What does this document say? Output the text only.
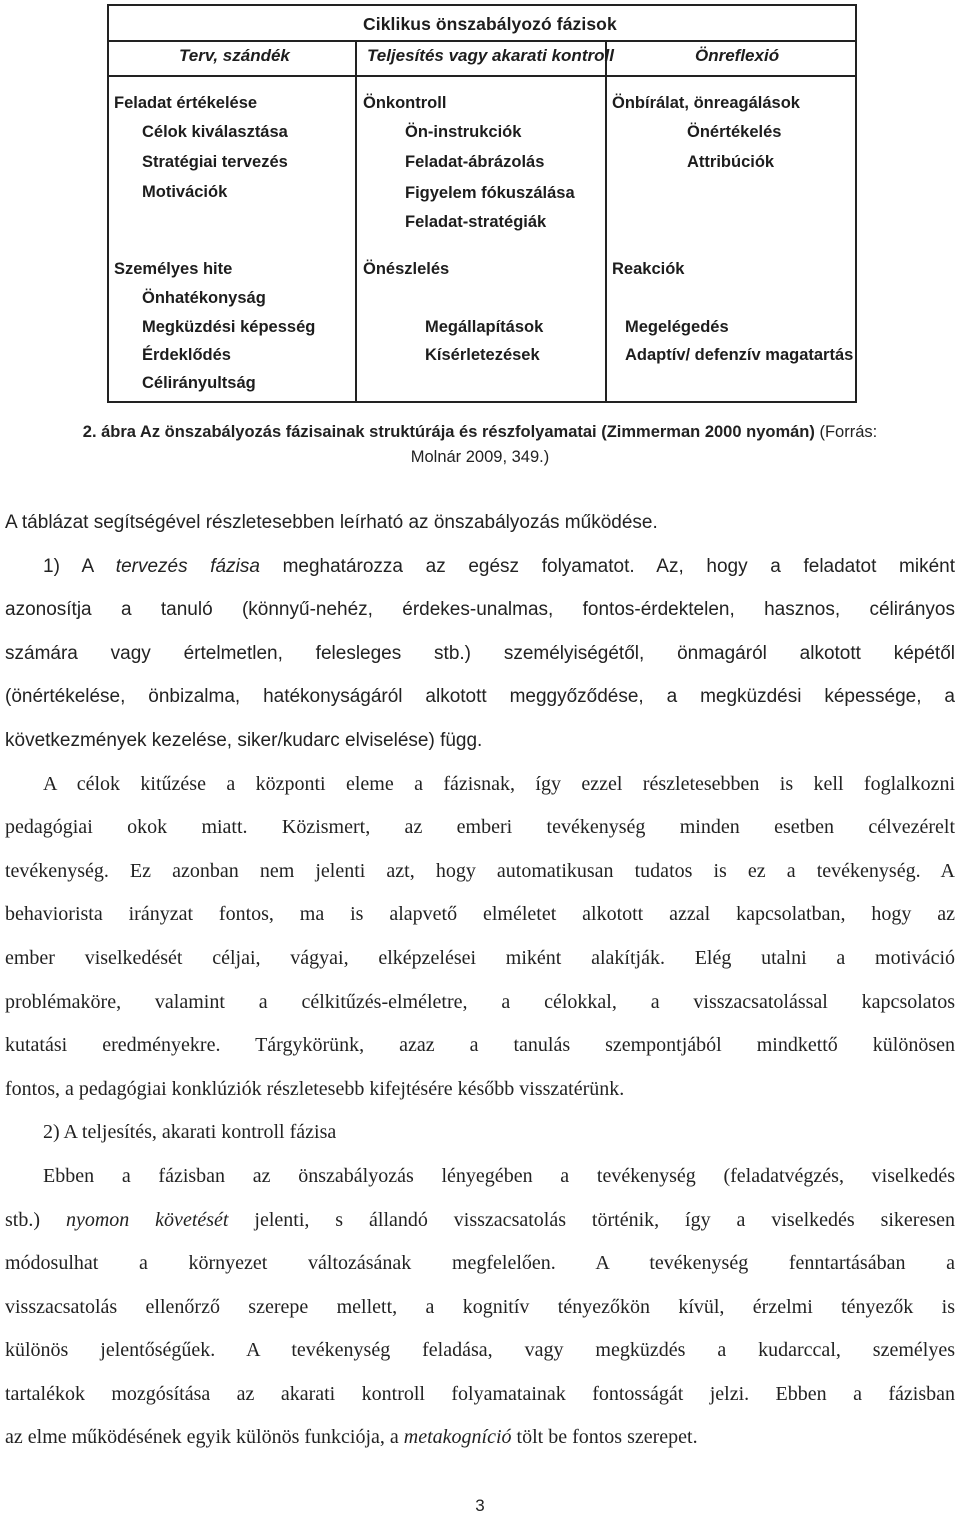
Ciklikus önszabályozó fázisok
Terv, szándék	Teljesítés vagy akarati kontroll	Önreflexió
Feladat értékelése
Célok kiválasztása
Stratégiai tervezés
Motivációk
Személyes hite
Önhatékonyság
Megküzdési képesség
Érdeklődés
Célirányultság
Önkontroll
Ön-instrukciók
Feladat-ábrázolás
Figyelem fókuszálása
Feladat-stratégiák
Önészlelés
Megállapítások
Kísérletezések
Önbírálat, önreagálások
Önértékelés
Attribúciók
Reakciók
Megelégedés
Adaptív/ defenzív magatartás
2. ábra Az önszabályozás fázisainak struktúrája és részfolyamatai (Zimmerman 2000 nyomán) (Forrás:
Molnár 2009, 349.)
A táblázat segítségével részletesebben leírható az önszabályozás működése.
1) A tervezés fázisa meghatározza az egész folyamatot. Az, hogy a feladatot miként
azonosítja a tanuló (könnyű-nehéz, érdekes-unalmas, fontos-érdektelen, hasznos, célirányos
számára vagy értelmetlen, felesleges stb.) személyiségétől, önmagáról alkotott képétől
(önértékelése, önbizalma, hatékonyságáról alkotott meggyőződése, a megküzdési képessége, a
következmények kezelése, siker/kudarc elviselése) függ.
A célok kitűzése a központi eleme a fázisnak, így ezzel részletesebben is kell foglalkozni
pedagógiai okok miatt. Közismert, az emberi tevékenység minden esetben célvezérelt
tevékenység. Ez azonban nem jelenti azt, hogy automatikusan tudatos is ez a tevékenység. A
behaviorista irányzat fontos, ma is alapvető elméletet alkotott azzal kapcsolatban, hogy az
ember viselkedését céljai, vágyai, elképzelései miként alakítják. Elég utalni a motiváció
problémaköre, valamint a célkitűzés-elméletre, a célokkal, a visszacsatolással kapcsolatos
kutatási eredményekre. Tárgykörünk, azaz a tanulás szempontjából mindkettő különösen
fontos, a pedagógiai konklúziók részletesebb kifejtésére később visszatérünk.
2) A teljesítés, akarati kontroll fázisa
Ebben a fázisban az önszabályozás lényegében a tevékenység (feladatvégzés, viselkedés
stb.) nyomon követését jelenti, s állandó visszacsatolás történik, így a viselkedés sikeresen
módosulhat a környezet változásának megfelelően. A tevékenység fenntartásában a
visszacsatolás ellenőrző szerepe mellett, a kognitív tényezőkön kívül, érzelmi tényezők is
különös jelentőségűek. A tevékenység feladása, vagy megküzdés a kudarccal, személyes
tartalékok mozgósítása az akarati kontroll folyamatainak fontosságát jelzi. Ebben a fázisban
az elme működésének egyik különös funkciója, a metakogníció tölt be fontos szerepet.
3
